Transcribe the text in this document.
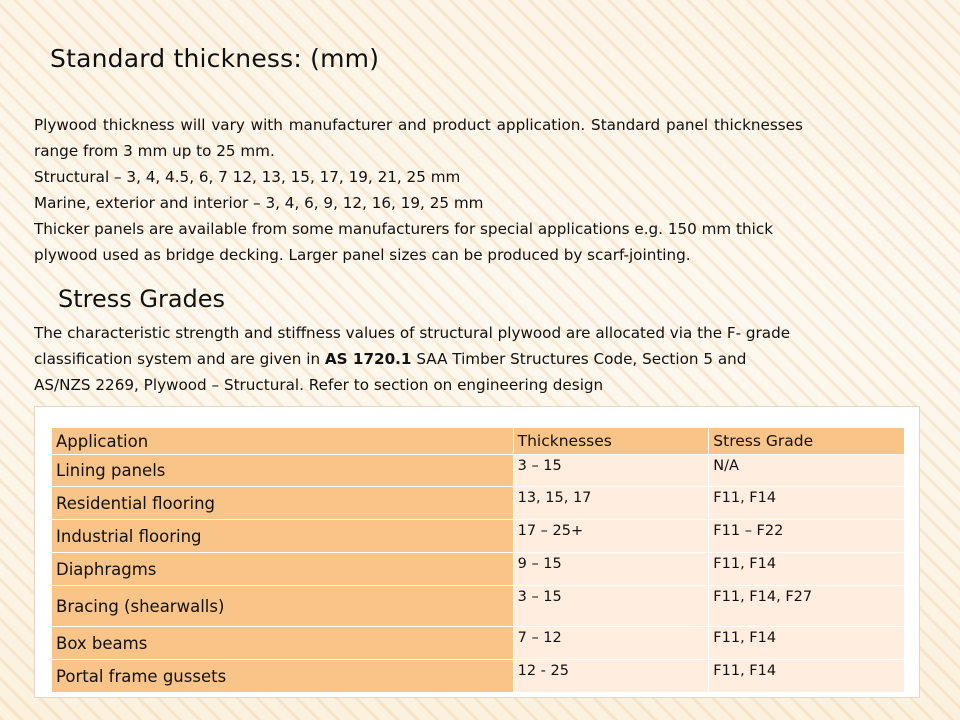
Standard thickness: (mm)
Plywood thickness will vary with manufacturer and product application. Standard panel thicknesses
range from 3 mm up to 25 mm.
Structural – 3, 4, 4.5, 6, 7 12, 13, 15, 17, 19, 21, 25 mm
Marine, exterior and interior – 3, 4, 6, 9, 12, 16, 19, 25 mm
Thicker panels are available from some manufacturers for special applications e.g. 150 mm thick
plywood used as bridge decking. Larger panel sizes can be produced by scarf-jointing.
Stress Grades
The characteristic strength and stiffness values of structural plywood are allocated via the F- grade
classification system and are given in AS 1720.1 SAA Timber Structures Code, Section 5 and
AS/NZS 2269, Plywood – Structural. Refer to section on engineering design
Application	Thicknesses	Stress Grade
Lining panels	3 – 15	N/A
Residential flooring	13, 15, 17	F11, F14
Industrial flooring	17 – 25+	F11 – F22
Diaphragms	9 – 15	F11, F14
Bracing (shearwalls)	3 – 15	F11, F14, F27
Box beams	7 – 12	F11, F14
Portal frame gussets	12 - 25	F11, F14
